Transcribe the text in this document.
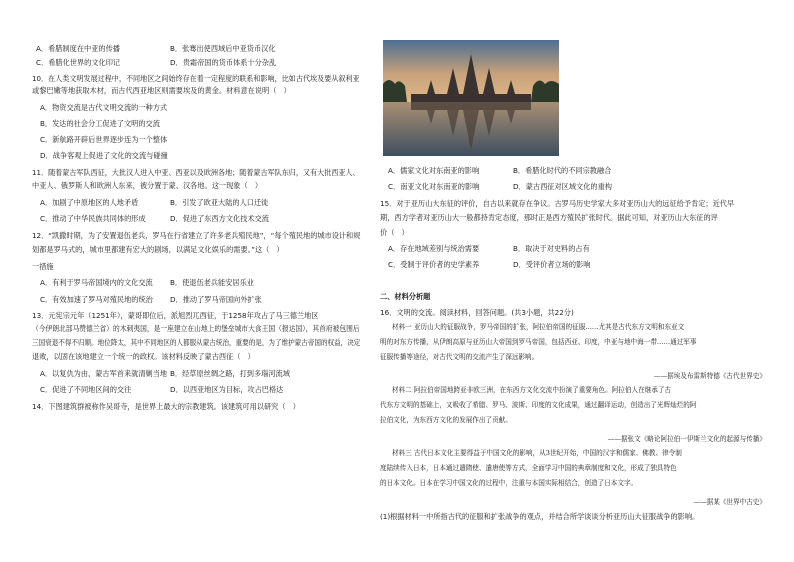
A．希腊制度在中亚的传播	B．张骞出使西域后中亚货币汉化
C．希腊化世界的文化印记	D．贵霜帝国的货币体系十分杂乱
10．在人类文明发展过程中，不同地区之间始终存在着一定程度的联系和影响，比如古代埃及要从叙利亚
或黎巴嫩等地获取木材，而古代西亚地区则需要埃及的黄金。材料意在说明（　）
A．物资交流是古代文明交流的一种方式
B．发达的社会分工促进了文明的交流
C．新航路开辟后世界逐步连为一个整体
D．战争客观上促进了文化的交流与碰撞
11．随着蒙古军队西征，大批汉人进入中亚、西亚以及欧洲各地；随着蒙古军队东归，又有大批西亚人、
中亚人、俄罗斯人和欧洲人东来，被分置于蒙、汉各地。这一现象（　）
A．加剧了中原地区的人地矛盾	B．引发了欧亚大陆的人口迁徙
C．推动了中华民族共同体的形成	D．促进了东西方文化技术交流
12．“凯撒时期，为了安置退伍老兵，罗马在行省建立了许多老兵殖民地”，“每个殖民地的城市设计和规
划都是罗马式的，城市里都建有宏大的剧场，以满足文化娱乐的需要。”这（　）
一措施
A．有利于罗马帝国境内的文化交流 B．使退伍老兵能安居乐业
C．有效加速了罗马对殖民地的统治 D．推动了罗马帝国向外扩张
13．元宪宗元年（1251年），蒙哥即位后，派旭烈兀西征，于1258年攻占了马三德兰地区
（今伊朗北部马赞德兰省）的木刺夷国，是一座建立在山地上的堡垒城市大食王国（报达国），其首府被包围后
三国衰退不得不归顺。地位降太，其中不同地区的人都服从蒙古统治，重要的是，为了维护蒙古帝国的权益，决定
退败，以固在该地建立一个统一的政权。该材料反映了蒙古西征（　）
A．以复仇为由，蒙古军首来就清剿当地 B．经草原丝绸之路，打到多瑙河流域
C．促进了不同地区间的交往	D．以西亚地区为目标，攻占巴格达
14．下图建筑群被称作吴哥寺，是世界上最大的宗教建筑。该建筑可用以研究（　）
A．儒家文化对东南亚的影响	B．希腊化时代的不同宗教融合
C．南亚文化对东南亚的影响	D．蒙古西征对区域文化的重构
15．对于亚历山大东征的评价，自古以来就存在争议。古罗马历史学家大多对亚历山大的远征给予肯定；近代早
期，西方学者对亚历山大一般都持肯定态度，那时正是西方殖民扩张时代。据此可知，对亚历山大东征的评
价（　）
A．存在地域差别与统治需要	B．取决于对史料的占有
C．受制于评价者的史学素养	D．受评价者立场的影响
二、材料分析题
16．文明的交流。阅读材料，回答问题。(共3小题，共22分)
材料一 亚历山大的征服战争，罗马帝国的扩张，阿拉伯帝国的征服……尤其是古代东方文明和东亚文
明的对东方传播，从伊朗高原与亚历山大帝国到罗马帝国，包括西亚、印度，中亚与地中海一带……通过军事
征服传播等途径，对古代文明的交流产生了深远影响。
——据埃及布雷斯特德《古代世界史》
材料二 阿拉伯帝国地跨亚非欧三洲，在东西方文化交流中扮演了重要角色。阿拉伯人在继承了古
代东方文明的基础上，又吸收了希腊、罗马、波斯、印度的文化成果，通过翻译运动，创造出了光辉灿烂的阿
拉伯文化，为东西方文化的发展作出了贡献。
——据张文《略论阿拉伯一伊斯兰文化的起源与传播》
材料三 古代日本文化主要得益于中国文化的影响，从3世纪开始，中国的汉字和儒家、佛教、律令制
度陆续传入日本，日本通过遣隋使、遣唐使等方式，全面学习中国的典章制度和文化，形成了独具特色
的日本文化。日本在学习中国文化的过程中，注重与本国实际相结合，创造了日本文字。
——据某《世界中古史》
(1)根据材料一中所指古代的征服和扩张战争的观点，并结合所学谈谈分析亚历山大征服战争的影响。
